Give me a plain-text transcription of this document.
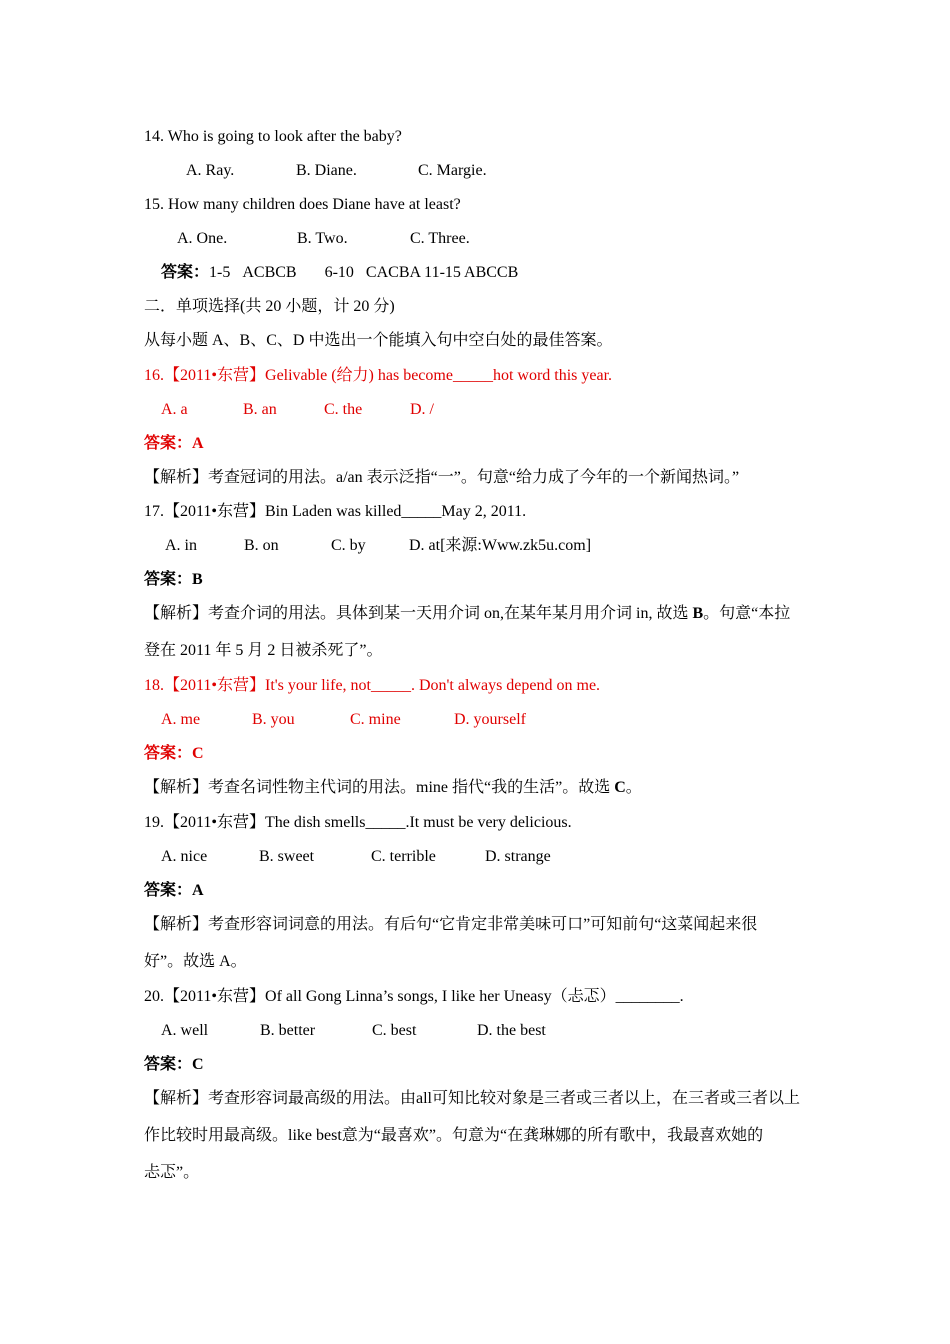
14. Who is going to look after the baby?
A. Ray.	B. Diane.	C. Margie.
15. How many children does Diane have at least?
A. One.	B. Two.	C. Three.
答案：1-5   ACBCB       6-10   CACBA 11-15 ABCCB
二．单项选择(共 20 小题，计 20 分)
从每小题 A、B、C、D 中选出一个能填入句中空白处的最佳答案。
16.【2011•东营】Gelivable (给力) has become_____hot word this year.
A. a	B. an	C. the	D. /
答案：A
【解析】考查冠词的用法。a/an 表示泛指“一”。句意“给力成了今年的一个新闻热词。”
17.【2011•东营】Bin Laden was killed_____May 2, 2011.
A. in	B. on	C. by	D. at[来源:Www.zk5u.com]
答案：B
【解析】考查介词的用法。具体到某一天用介词 on,在某年某月用介词 in, 故选 B。句意“本拉
登在 2011 年 5 月 2 日被杀死了”。
18.【2011•东营】It's your life, not_____. Don't always depend on me.
A. me	B. you	C. mine	D. yourself
答案：C
【解析】考查名词性物主代词的用法。mine 指代“我的生活”。故选 C。
19.【2011•东营】The dish smells_____.It must be very delicious.
A. nice	B. sweet	C. terrible	D. strange
答案：A
【解析】考查形容词词意的用法。有后句“它肯定非常美味可口”可知前句“这菜闻起来很
好”。故选 A。
20.【2011•东营】Of all Gong Linna’s songs, I like her Uneasy（忐忑）________.
A. well	B. better	C. best	D. the best
答案：C
【解析】考查形容词最高级的用法。由all可知比较对象是三者或三者以上，在三者或三者以上
作比较时用最高级。like best意为“最喜欢”。句意为“在龚琳娜的所有歌中，我最喜欢她的
忐忑”。
